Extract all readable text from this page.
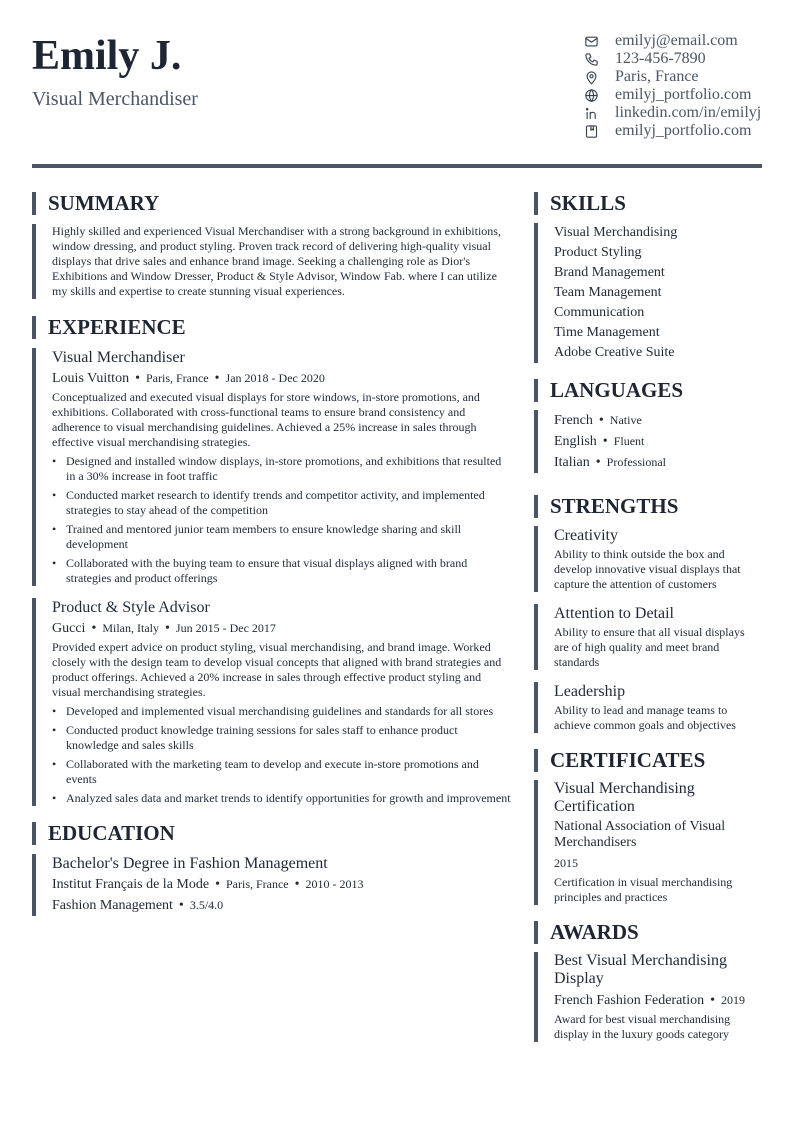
Emily J.
Visual Merchandiser
emilyj@email.com
123-456-7890
Paris, France
emilyj_portfolio.com
linkedin.com/in/emilyj
emilyj_portfolio.com
SUMMARY
Highly skilled and experienced Visual Merchandiser with a strong background in exhibitions, window dressing, and product styling. Proven track record of delivering high-quality visual displays that drive sales and enhance brand image. Seeking a challenging role as Dior's Exhibitions and Window Dresser, Product & Style Advisor, Window Fab. where I can utilize my skills and expertise to create stunning visual experiences.
EXPERIENCE
Visual Merchandiser
Louis Vuitton • Paris, France • Jan 2018 - Dec 2020
Conceptualized and executed visual displays for store windows, in-store promotions, and exhibitions. Collaborated with cross-functional teams to ensure brand consistency and adherence to visual merchandising guidelines. Achieved a 25% increase in sales through effective visual merchandising strategies.
• Designed and installed window displays, in-store promotions, and exhibitions that resulted in a 30% increase in foot traffic
• Conducted market research to identify trends and competitor activity, and implemented strategies to stay ahead of the competition
• Trained and mentored junior team members to ensure knowledge sharing and skill development
• Collaborated with the buying team to ensure that visual displays aligned with brand strategies and product offerings
Product & Style Advisor
Gucci • Milan, Italy • Jun 2015 - Dec 2017
Provided expert advice on product styling, visual merchandising, and brand image. Worked closely with the design team to develop visual concepts that aligned with brand strategies and product offerings. Achieved a 20% increase in sales through effective product styling and visual merchandising strategies.
• Developed and implemented visual merchandising guidelines and standards for all stores
• Conducted product knowledge training sessions for sales staff to enhance product knowledge and sales skills
• Collaborated with the marketing team to develop and execute in-store promotions and events
• Analyzed sales data and market trends to identify opportunities for growth and improvement
EDUCATION
Bachelor's Degree in Fashion Management
Institut Français de la Mode • Paris, France • 2010 - 2013
Fashion Management • 3.5/4.0
SKILLS
Visual Merchandising
Product Styling
Brand Management
Team Management
Communication
Time Management
Adobe Creative Suite
LANGUAGES
French • Native
English • Fluent
Italian • Professional
STRENGTHS
Creativity
Ability to think outside the box and develop innovative visual displays that capture the attention of customers
Attention to Detail
Ability to ensure that all visual displays are of high quality and meet brand standards
Leadership
Ability to lead and manage teams to achieve common goals and objectives
CERTIFICATES
Visual Merchandising Certification
National Association of Visual Merchandisers
2015
Certification in visual merchandising principles and practices
AWARDS
Best Visual Merchandising Display
French Fashion Federation • 2019
Award for best visual merchandising display in the luxury goods category
